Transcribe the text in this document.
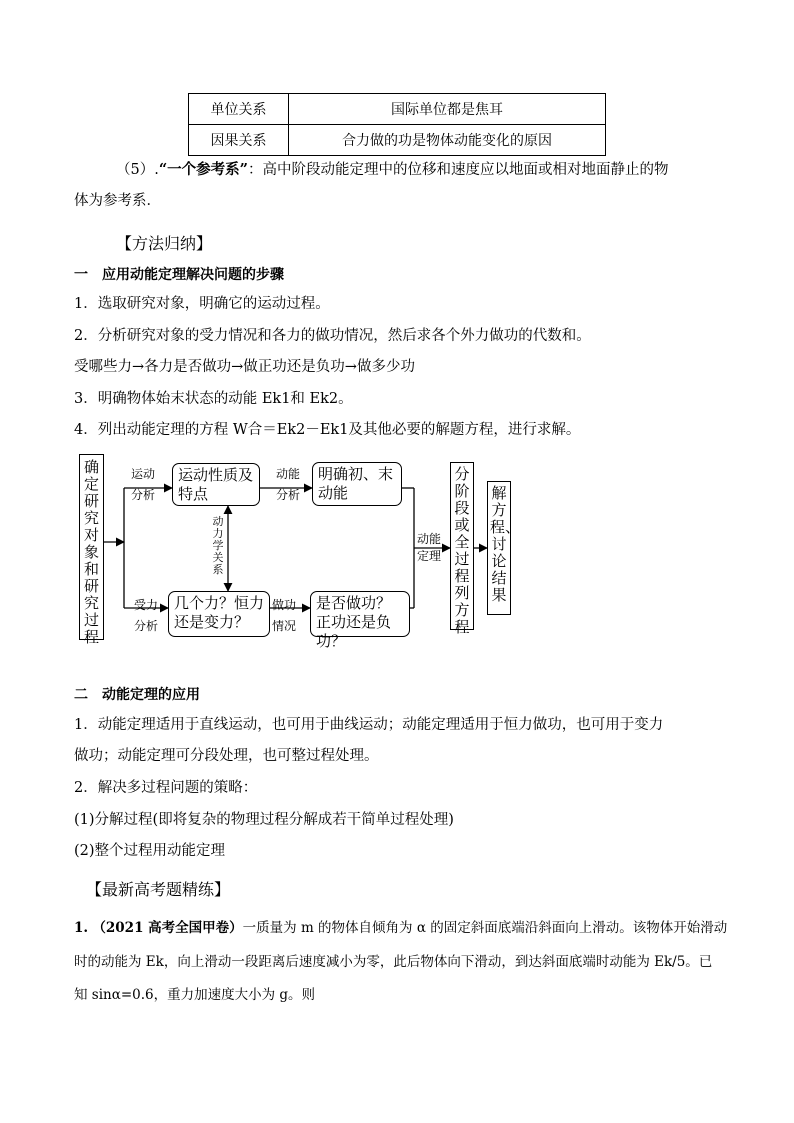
单位关系	国际单位都是焦耳
因果关系	合力做的功是物体动能变化的原因
（5）.“一个参考系”：高中阶段动能定理中的位移和速度应以地面或相对地面静止的物
体为参考系．
【方法归纳】
一　应用动能定理解决问题的步骤
1．选取研究对象，明确它的运动过程。
2．分析研究对象的受力情况和各力的做功情况，然后求各个外力做功的代数和。
受哪些力→各力是否做功→做正功还是负功→做多少功
3．明确物体始末状态的动能 Ek1和 Ek2。
4．列出动能定理的方程 W合＝Ek2－Ek1及其他必要的解题方程，进行求解。
确定研究对象和研究过程
运动
分析
运动性质及特点
动能
分析
明确初、末动能
动力学关系
受力
分析
几个力？恒力还是变力？
做功
情况
是否做功？正功还是负功？
动能
定理
分阶段或全过程列方程
解方程、讨论结果
二　动能定理的应用
1．动能定理适用于直线运动，也可用于曲线运动；动能定理适用于恒力做功，也可用于变力
做功；动能定理可分段处理，也可整过程处理。
2．解决多过程问题的策略：
(1)分解过程(即将复杂的物理过程分解成若干简单过程处理)
(2)整个过程用动能定理
【最新高考题精练】
1. （2021 高考全国甲卷）一质量为 m 的物体自倾角为 α 的固定斜面底端沿斜面向上滑动。该物体开始滑动
时的动能为 Ek，向上滑动一段距离后速度减小为零，此后物体向下滑动，到达斜面底端时动能为 Ek/5。已
知 sinα=0.6，重力加速度大小为 g。则
